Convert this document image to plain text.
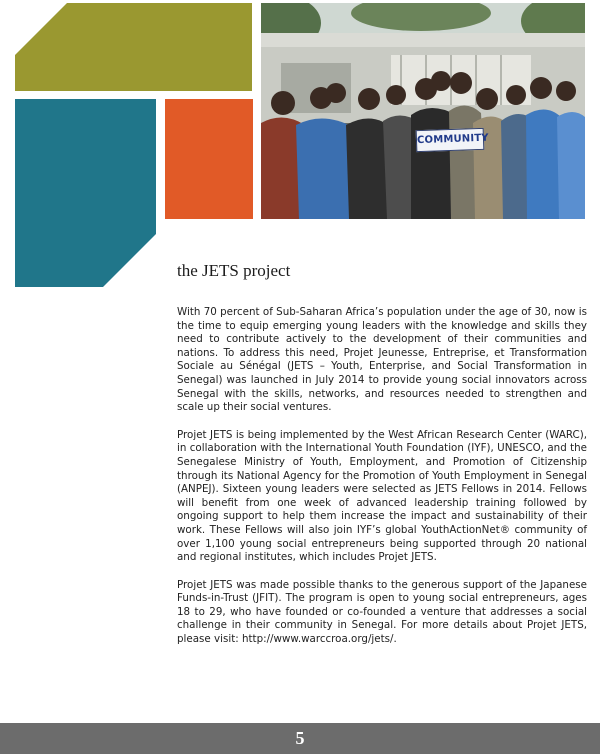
COMMUNITY
the JETS project

With 70 percent of Sub-Saharan Africa’s population under the age of 30, now is the time to equip emerging young leaders with the knowledge and skills they need to contribute actively to the development of their communities and nations. To address this need, Projet Jeunesse, Entreprise, et Transformation Sociale au Sénégal (JETS – Youth, Enterprise, and Social Transformation in Senegal) was launched in July 2014 to provide young social innovators across Senegal with the skills, networks, and resources needed to strengthen and scale up their social ventures.

Projet JETS is being implemented by the West African Research Center (WARC), in collaboration with the International Youth Foundation (IYF), UNESCO, and the Senegalese Ministry of Youth, Employment, and Promotion of Citizenship through its National Agency for the Promotion of Youth Employment in Senegal (ANPEJ). Sixteen young leaders were selected as JETS Fellows in 2014. Fellows will benefit from one week of advanced leadership training followed by ongoing support to help them increase the impact and sustainability of their work. These Fellows will also join IYF’s global YouthActionNet® community of over 1,100 young social entrepreneurs being supported through 20 national and regional institutes, which includes Projet JETS.

Projet JETS was made possible thanks to the generous support of the Japanese Funds-in-Trust (JFIT). The program is open to young social entrepreneurs, ages 18 to 29, who have founded or co-founded a venture that addresses a social challenge in their community in Senegal. For more details about Projet JETS, please visit: http://www.warccroa.org/jets/.

5
